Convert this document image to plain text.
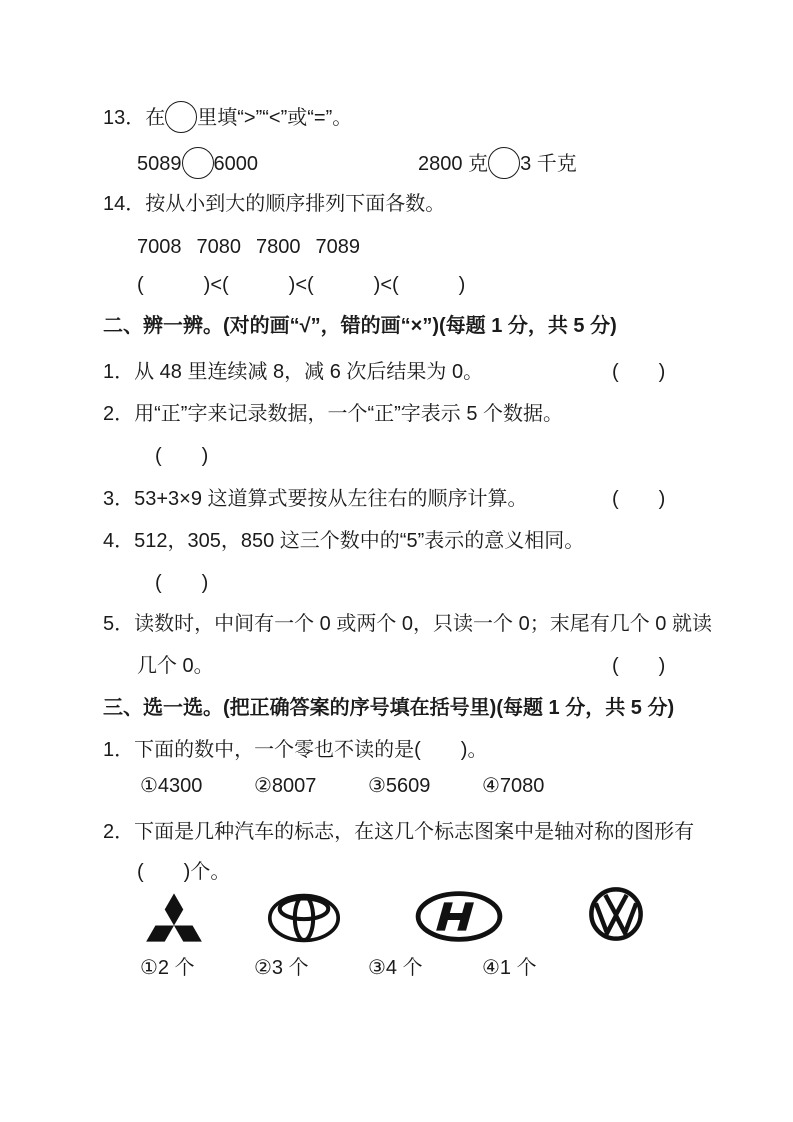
13．在 里填“>”“<”或“=”。
5089 6000	2800 克 3 千克
14．按从小到大的顺序排列下面各数。
7008 7080 7800 7089
(　　　)<(　　　)<(　　　)<(　　　)
二、辨一辨。(对的画“√”，错的画“×”)(每题 1 分，共 5 分)
1．从 48 里连续减 8，减 6 次后结果为 0。	(　　)
2．用“正”字来记录数据，一个“正”字表示 5 个数据。
(　　)
3．53+3×9 这道算式要按从左往右的顺序计算。	(　　)
4．512，305，850 这三个数中的“5”表示的意义相同。
(　　)
5．读数时，中间有一个 0 或两个 0，只读一个 0；末尾有几个 0 就读
几个 0。	(　　)
三、选一选。(把正确答案的序号填在括号里)(每题 1 分，共 5 分)
1．下面的数中，一个零也不读的是(　　)。
①4300	②8007	③5609	④7080
2．下面是几种汽车的标志，在这几个标志图案中是轴对称的图形有
(　　)个。
①2 个	②3 个	③4 个	④1 个
